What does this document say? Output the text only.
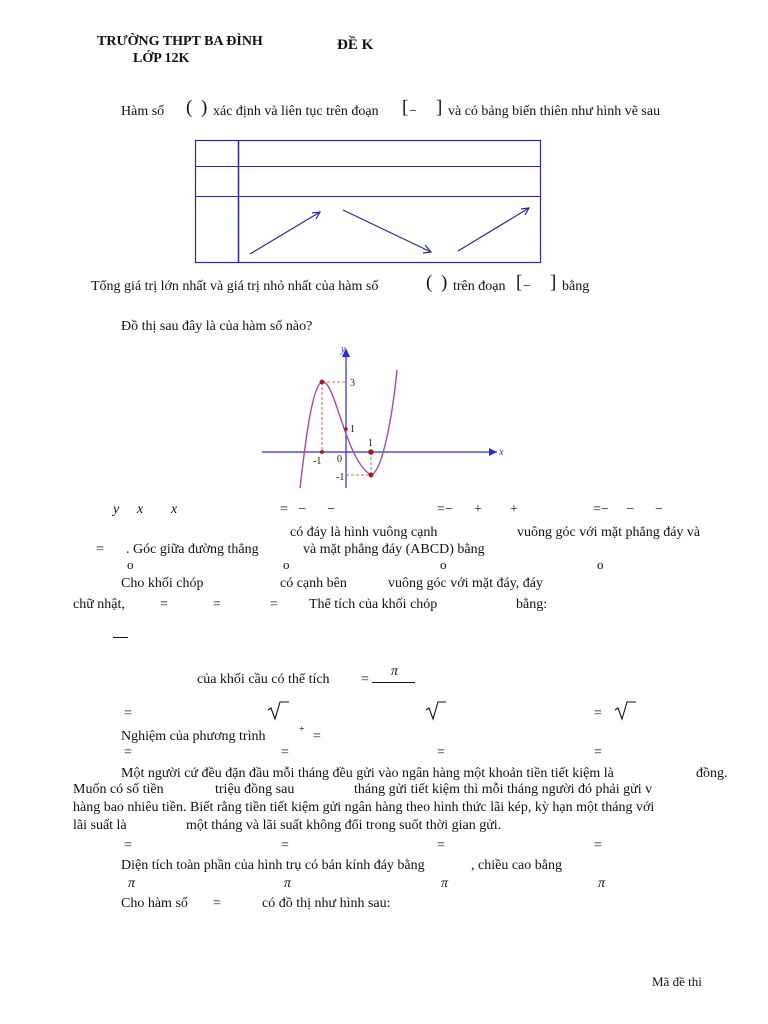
TRƯỜNG THPT BA ĐÌNH
LỚP 12K
ĐỀ K
Hàm số ( ) xác định và liên tục trên đoạn [ − ] và có bảng biến thiên như hình vẽ sau
Tổng giá trị lớn nhất và giá trị nhỏ nhất của hàm số	( ) trên đoạn [ − ] bằng
Đồ thị sau đây là của hàm số nào?
x
y
3
1
-1
-1 0
1
y x x	=   −      −	=− + +	=−     −      −
có đáy là hình vuông cạnh	vuông góc với mặt phẳng đáy và
= . Góc giữa đường thẳng	và mặt phẳng đáy (ABCD) bằng
o	o	o	o
Cho khối chóp	có cạnh bên	vuông góc với mặt đáy, đáy
chữ nhật,	=	=	= Thể tích của khối chóp	bằng:
của khối cầu có thể tích =
π
=	=
Nghiệm của phương trình	+ =
=	=	=	=
Một người cứ đều đặn đầu mỗi tháng đều gửi vào ngân hàng một khoản tiền tiết kiệm là	đồng.
Muốn có số tiền	triệu đồng sau	tháng gửi tiết kiệm thì mỗi tháng người đó phải gửi v
hàng bao nhiêu tiền. Biết rằng tiền tiết kiệm gửi ngân hàng theo hình thức lãi kép, kỳ hạn một tháng với
lãi suất là	một tháng và lãi suất không đổi trong suốt thời gian gửi.
=	=	=	=
Diện tích toàn phần của hình trụ có bán kính đáy bằng	, chiều cao bằng
π	π	π	π
Cho hàm số =	có đồ thị như hình sau:
Mã đề thi
